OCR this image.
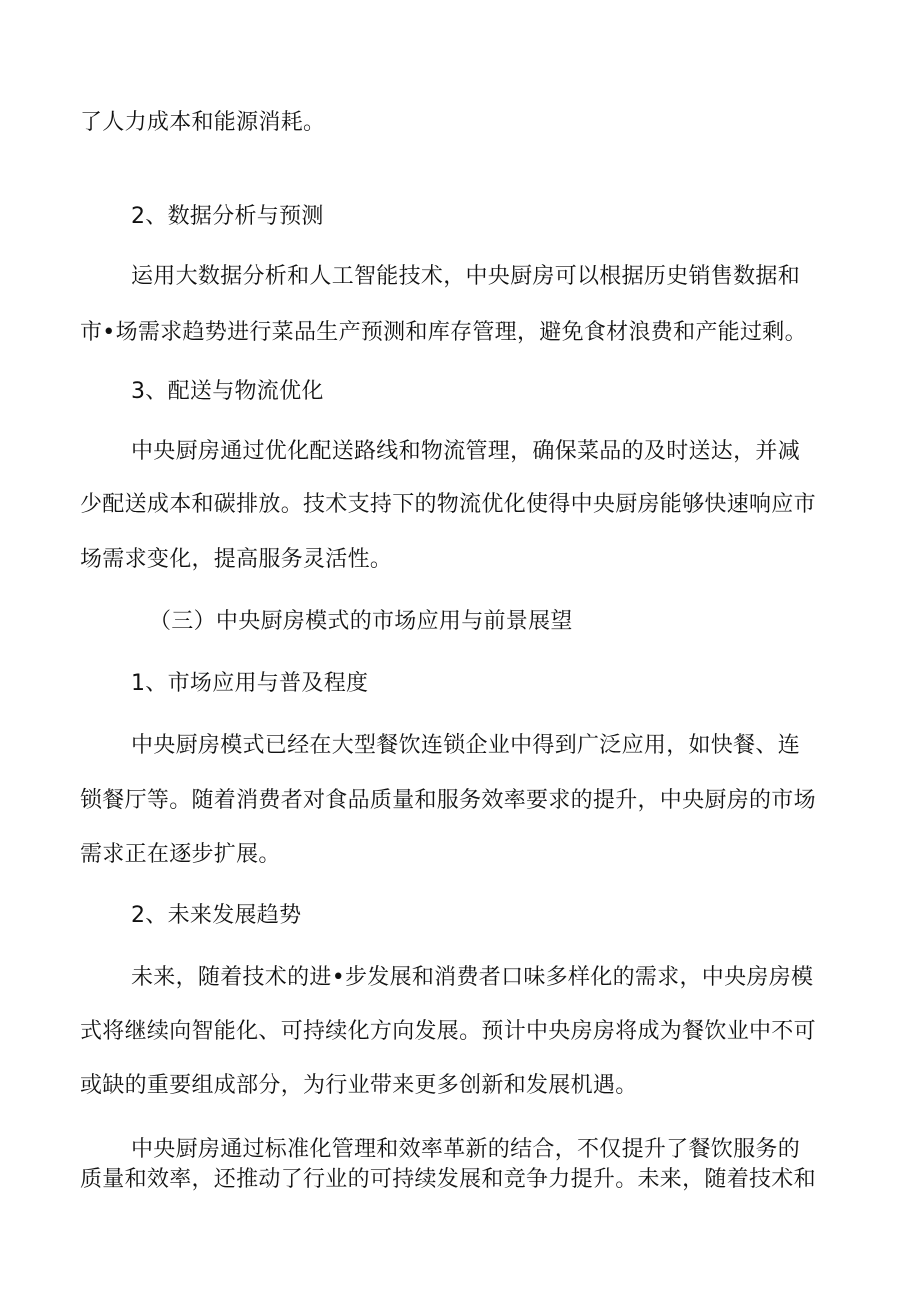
了人力成本和能源消耗。
2、数据分析与预测
运用大数据分析和人工智能技术，中央厨房可以根据历史销售数据和
市•场需求趋势进行菜品生产预测和库存管理，避免食材浪费和产能过剩。
3、配送与物流优化
中央厨房通过优化配送路线和物流管理，确保菜品的及时送达，并减
少配送成本和碳排放。技术支持下的物流优化使得中央厨房能够快速响应市
场需求变化，提高服务灵活性。
（三）中央厨房模式的市场应用与前景展望
1、市场应用与普及程度
中央厨房模式已经在大型餐饮连锁企业中得到广泛应用，如快餐、连
锁餐厅等。随着消费者对食品质量和服务效率要求的提升，中央厨房的市场
需求正在逐步扩展。
2、未来发展趋势
未来，随着技术的进•步发展和消费者口味多样化的需求，中央房房模
式将继续向智能化、可持续化方向发展。预计中央房房将成为餐饮业中不可
或缺的重要组成部分，为行业带来更多创新和发展机遇。
中央厨房通过标准化管理和效率革新的结合，不仅提升了餐饮服务的
质量和效率，还推动了行业的可持续发展和竞争力提升。未来，随着技术和
